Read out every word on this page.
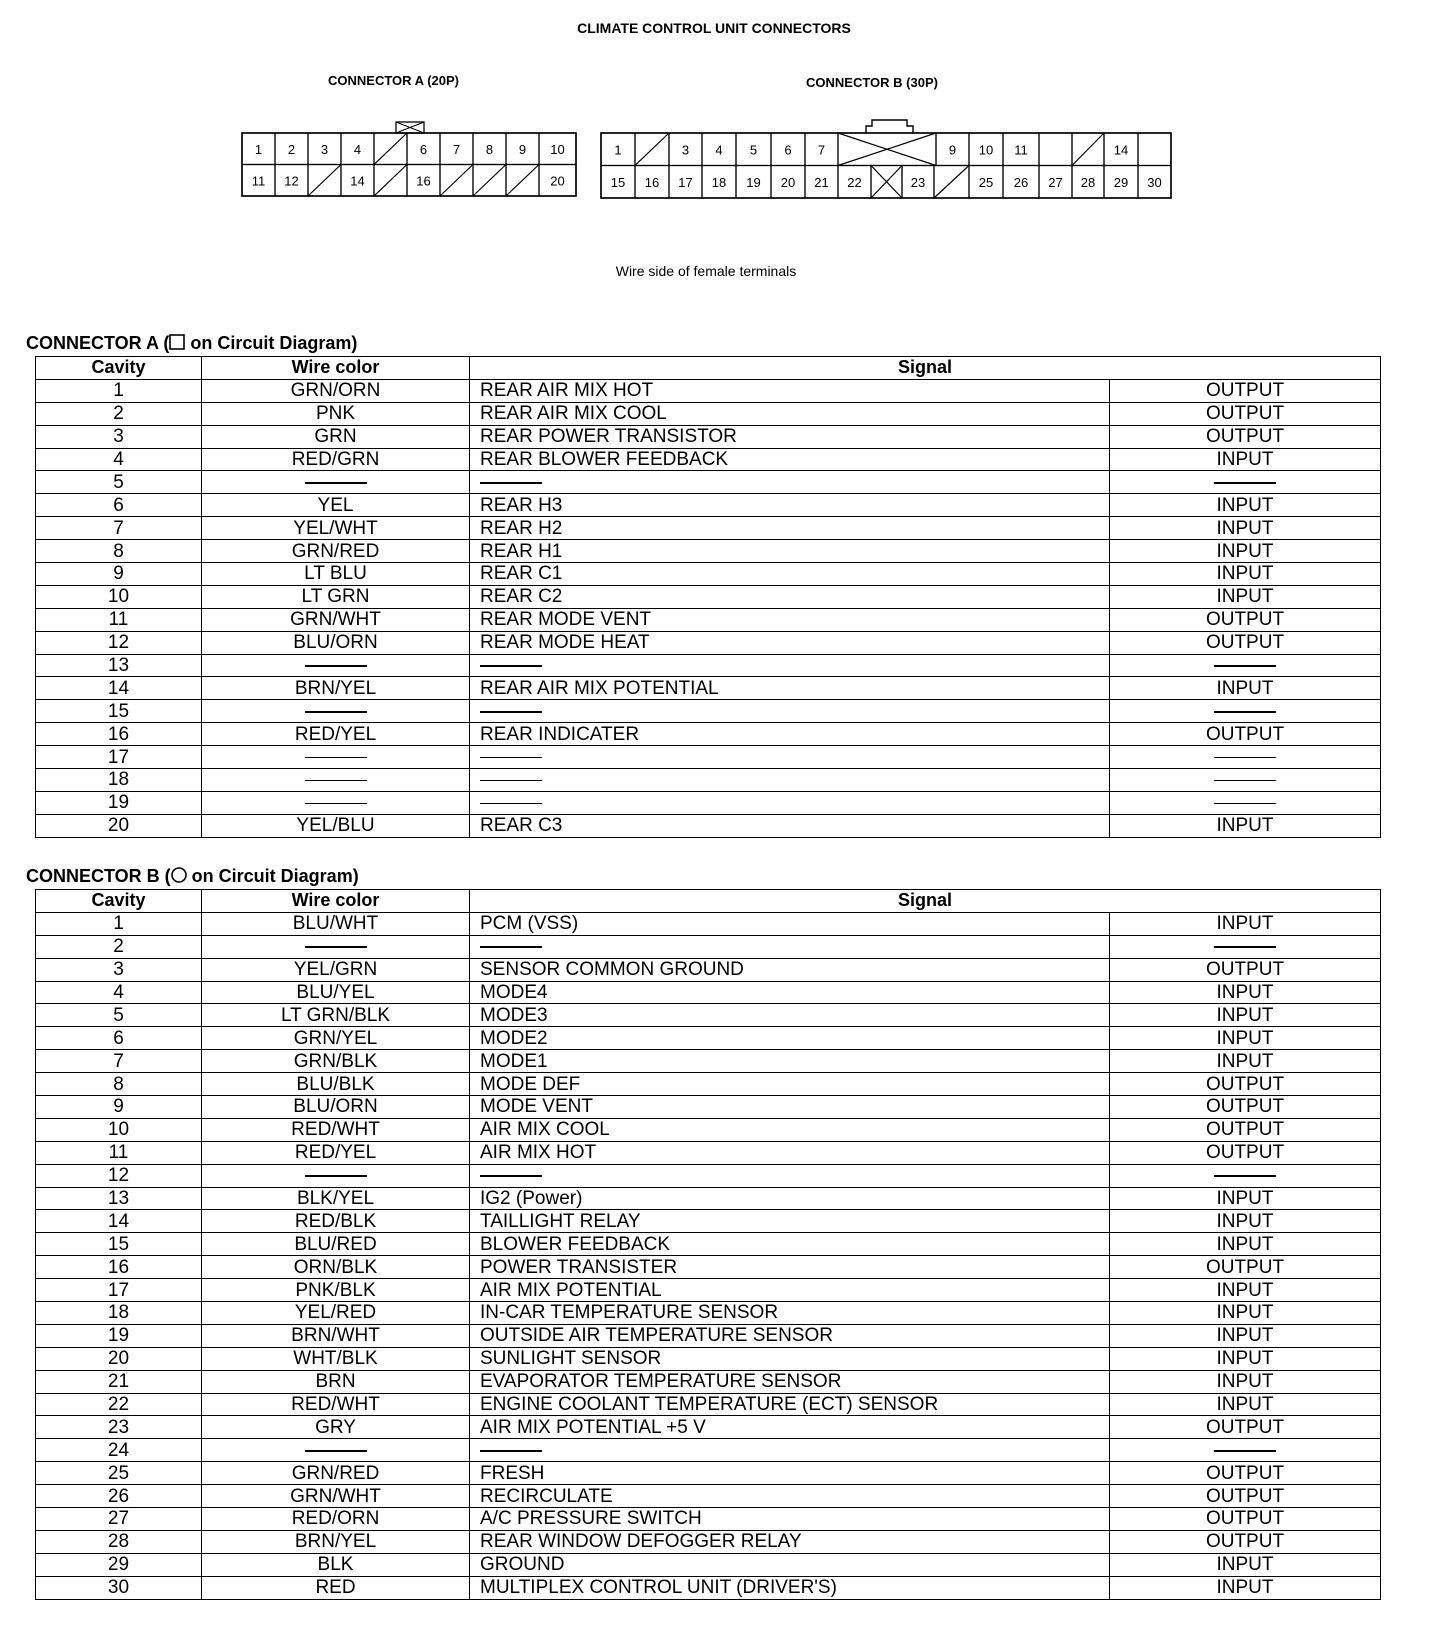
CLIMATE CONTROL UNIT CONNECTORS
CONNECTOR A (20P)	CONNECTOR B (30P)
1 2 3 4	6 7 8 9 10
11 12	14	16	20
1	3 4 5 6 7	9 10 11	14
15 16 17 18 19 20 21 22	23	25 26 27 28 29 30
Wire side of female terminals
CONNECTOR A ( on Circuit Diagram)
Cavity	Wire color	Signal	
1	GRN/ORN	REAR AIR MIX HOT	OUTPUT
2	PNK	REAR AIR MIX COOL	OUTPUT
3	GRN	REAR POWER TRANSISTOR	OUTPUT
4	RED/GRN	REAR BLOWER FEEDBACK	INPUT
5			
6	YEL	REAR H3	INPUT
7	YEL/WHT	REAR H2	INPUT
8	GRN/RED	REAR H1	INPUT
9	LT BLU	REAR C1	INPUT
10	LT GRN	REAR C2	INPUT
11	GRN/WHT	REAR MODE VENT	OUTPUT
12	BLU/ORN	REAR MODE HEAT	OUTPUT
13			
14	BRN/YEL	REAR AIR MIX POTENTIAL	INPUT
15			
16	RED/YEL	REAR INDICATER	OUTPUT
17			
18			
19			
20	YEL/BLU	REAR C3	INPUT
CONNECTOR B ( on Circuit Diagram)
Cavity	Wire color	Signal	
1	BLU/WHT	PCM (VSS)	INPUT
2			
3	YEL/GRN	SENSOR COMMON GROUND	OUTPUT
4	BLU/YEL	MODE4	INPUT
5	LT GRN/BLK	MODE3	INPUT
6	GRN/YEL	MODE2	INPUT
7	GRN/BLK	MODE1	INPUT
8	BLU/BLK	MODE DEF	OUTPUT
9	BLU/ORN	MODE VENT	OUTPUT
10	RED/WHT	AIR MIX COOL	OUTPUT
11	RED/YEL	AIR MIX HOT	OUTPUT
12			
13	BLK/YEL	IG2 (Power)	INPUT
14	RED/BLK	TAILLIGHT RELAY	INPUT
15	BLU/RED	BLOWER FEEDBACK	INPUT
16	ORN/BLK	POWER TRANSISTER	OUTPUT
17	PNK/BLK	AIR MIX POTENTIAL	INPUT
18	YEL/RED	IN-CAR TEMPERATURE SENSOR	INPUT
19	BRN/WHT	OUTSIDE AIR TEMPERATURE SENSOR	INPUT
20	WHT/BLK	SUNLIGHT SENSOR	INPUT
21	BRN	EVAPORATOR TEMPERATURE SENSOR	INPUT
22	RED/WHT	ENGINE COOLANT TEMPERATURE (ECT) SENSOR	INPUT
23	GRY	AIR MIX POTENTIAL +5 V	OUTPUT
24			
25	GRN/RED	FRESH	OUTPUT
26	GRN/WHT	RECIRCULATE	OUTPUT
27	RED/ORN	A/C PRESSURE SWITCH	OUTPUT
28	BRN/YEL	REAR WINDOW DEFOGGER RELAY	OUTPUT
29	BLK	GROUND	INPUT
30	RED	MULTIPLEX CONTROL UNIT (DRIVER'S)	INPUT
